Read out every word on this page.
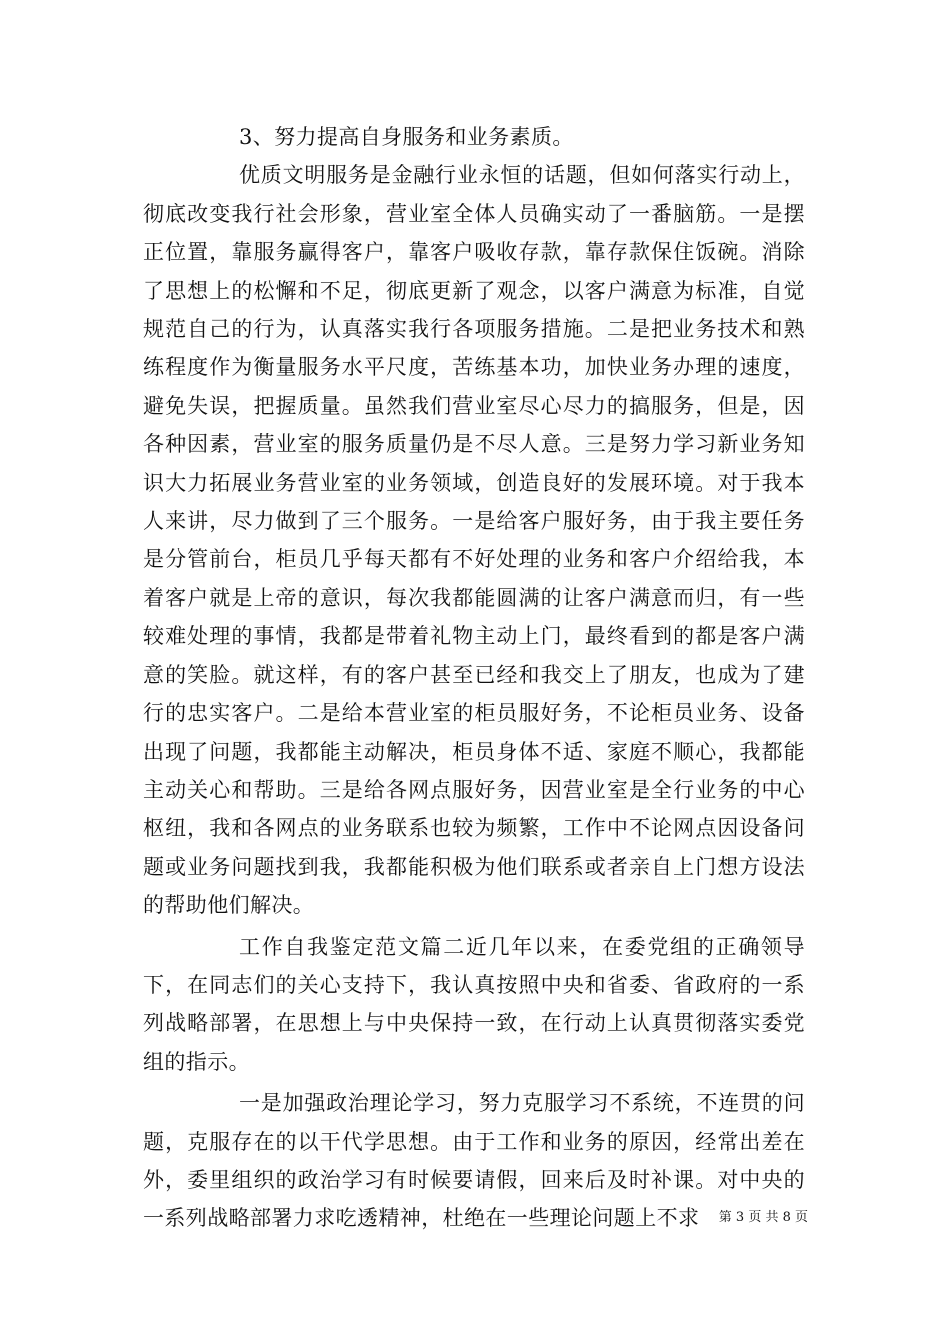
3、努力提高自身服务和业务素质。

优质文明服务是金融行业永恒的话题，但如何落实行动上，彻底改变我行社会形象，营业室全体人员确实动了一番脑筋。一是摆正位置，靠服务赢得客户，靠客户吸收存款，靠存款保住饭碗。消除了思想上的松懈和不足，彻底更新了观念，以客户满意为标准，自觉规范自己的行为，认真落实我行各项服务措施。二是把业务技术和熟练程度作为衡量服务水平尺度，苦练基本功，加快业务办理的速度，避免失误，把握质量。虽然我们营业室尽心尽力的搞服务，但是，因各种因素，营业室的服务质量仍是不尽人意。三是努力学习新业务知识大力拓展业务营业室的业务领域，创造良好的发展环境。对于我本人来讲，尽力做到了三个服务。一是给客户服好务，由于我主要任务是分管前台，柜员几乎每天都有不好处理的业务和客户介绍给我，本着客户就是上帝的意识，每次我都能圆满的让客户满意而归，有一些较难处理的事情，我都是带着礼物主动上门，最终看到的都是客户满意的笑脸。就这样，有的客户甚至已经和我交上了朋友，也成为了建行的忠实客户。二是给本营业室的柜员服好务，不论柜员业务、设备出现了问题，我都能主动解决，柜员身体不适、家庭不顺心，我都能主动关心和帮助。三是给各网点服好务，因营业室是全行业务的中心枢纽，我和各网点的业务联系也较为频繁，工作中不论网点因设备问题或业务问题找到我，我都能积极为他们联系或者亲自上门想方设法的帮助他们解决。

工作自我鉴定范文篇二近几年以来，在委党组的正确领导下，在同志们的关心支持下，我认真按照中央和省委、省政府的一系列战略部署，在思想上与中央保持一致，在行动上认真贯彻落实委党组的指示。

一是加强政治理论学习，努力克服学习不系统，不连贯的问题，克服存在的以干代学思想。由于工作和业务的原因，经常出差在外，委里组织的政治学习有时候要请假，回来后及时补课。对中央的一系列战略部署力求吃透精神，杜绝在一些理论问题上不求	第 3 页 共 8 页
